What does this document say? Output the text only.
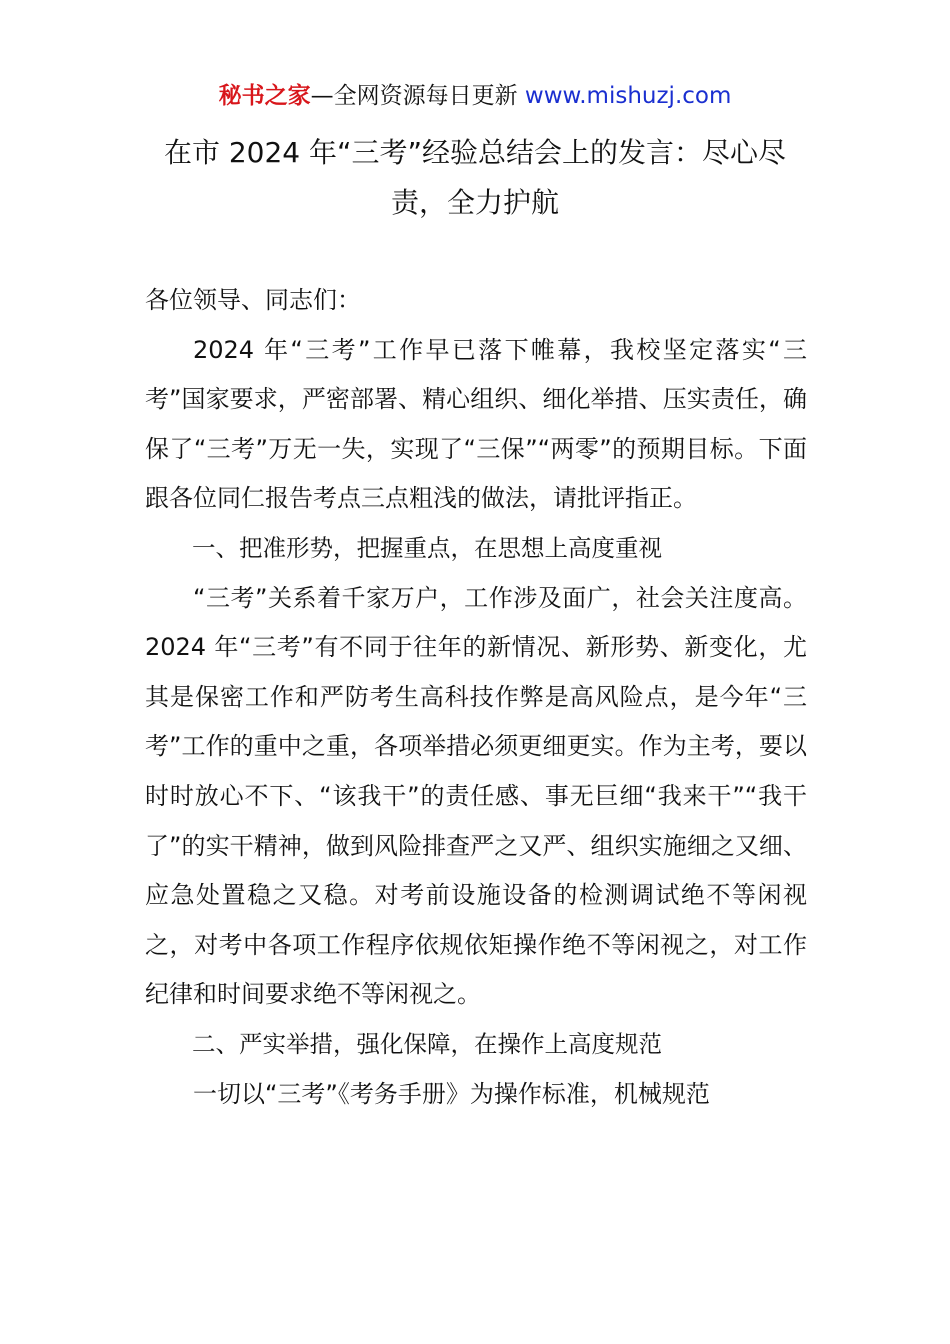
秘书之家—全网资源每日更新 www.mishuzj.com
在市 2024 年“三考”经验总结会上的发言：尽心尽责，全力护航

各位领导、同志们：

2024 年“三考”工作早已落下帷幕，我校坚定落实“三考”国家要求，严密部署、精心组织、细化举措、压实责任，确保了“三考”万无一失，实现了“三保”“两零”的预期目标。下面跟各位同仁报告考点三点粗浅的做法，请批评指正。

一、把准形势，把握重点，在思想上高度重视

“三考”关系着千家万户，工作涉及面广，社会关注度高。2024 年“三考”有不同于往年的新情况、新形势、新变化，尤其是保密工作和严防考生高科技作弊是高风险点，是今年“三考”工作的重中之重，各项举措必须更细更实。作为主考，要以时时放心不下、“该我干”的责任感、事无巨细“我来干”“我干了”的实干精神，做到风险排查严之又严、组织实施细之又细、应急处置稳之又稳。对考前设施设备的检测调试绝不等闲视之，对考中各项工作程序依规依矩操作绝不等闲视之，对工作纪律和时间要求绝不等闲视之。

二、严实举措，强化保障，在操作上高度规范

一切以“三考”《考务手册》为操作标准，机械规范
